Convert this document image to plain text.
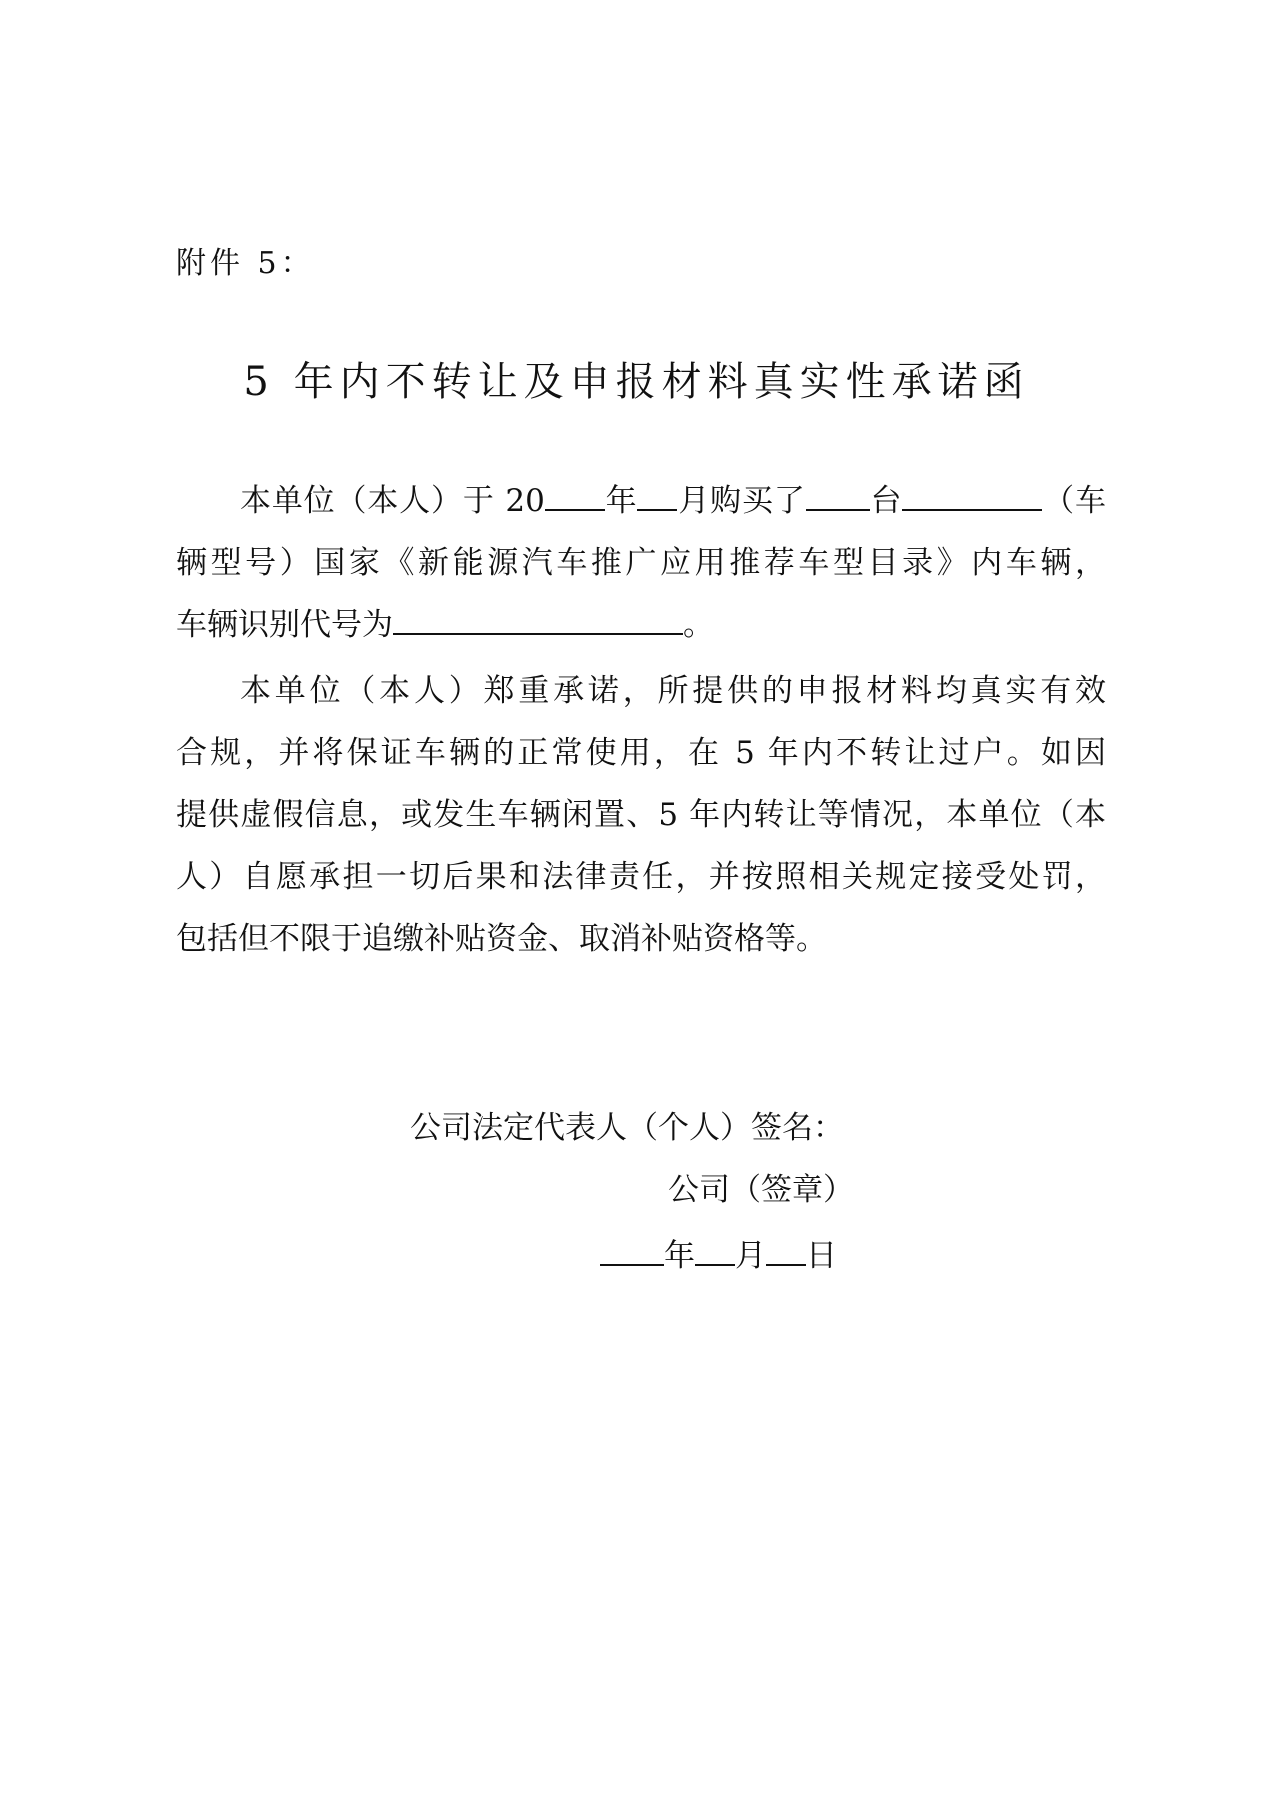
附件 5：
5 年内不转让及申报材料真实性承诺函
本单位（本人）于 20 年 月购买了 台	（车
辆型号）国家《新能源汽车推广应用推荐车型目录》内车辆，
车辆识别代号为	。
本单位（本人）郑重承诺，所提供的申报材料均真实有效
合规，并将保证车辆的正常使用，在 5 年内不转让过户。如因
提供虚假信息，或发生车辆闲置、5 年内转让等情况，本单位（本
人）自愿承担一切后果和法律责任，并按照相关规定接受处罚，
包括但不限于追缴补贴资金、取消补贴资格等。
公司法定代表人（个人）签名：
公司（签章）
年 月 日
